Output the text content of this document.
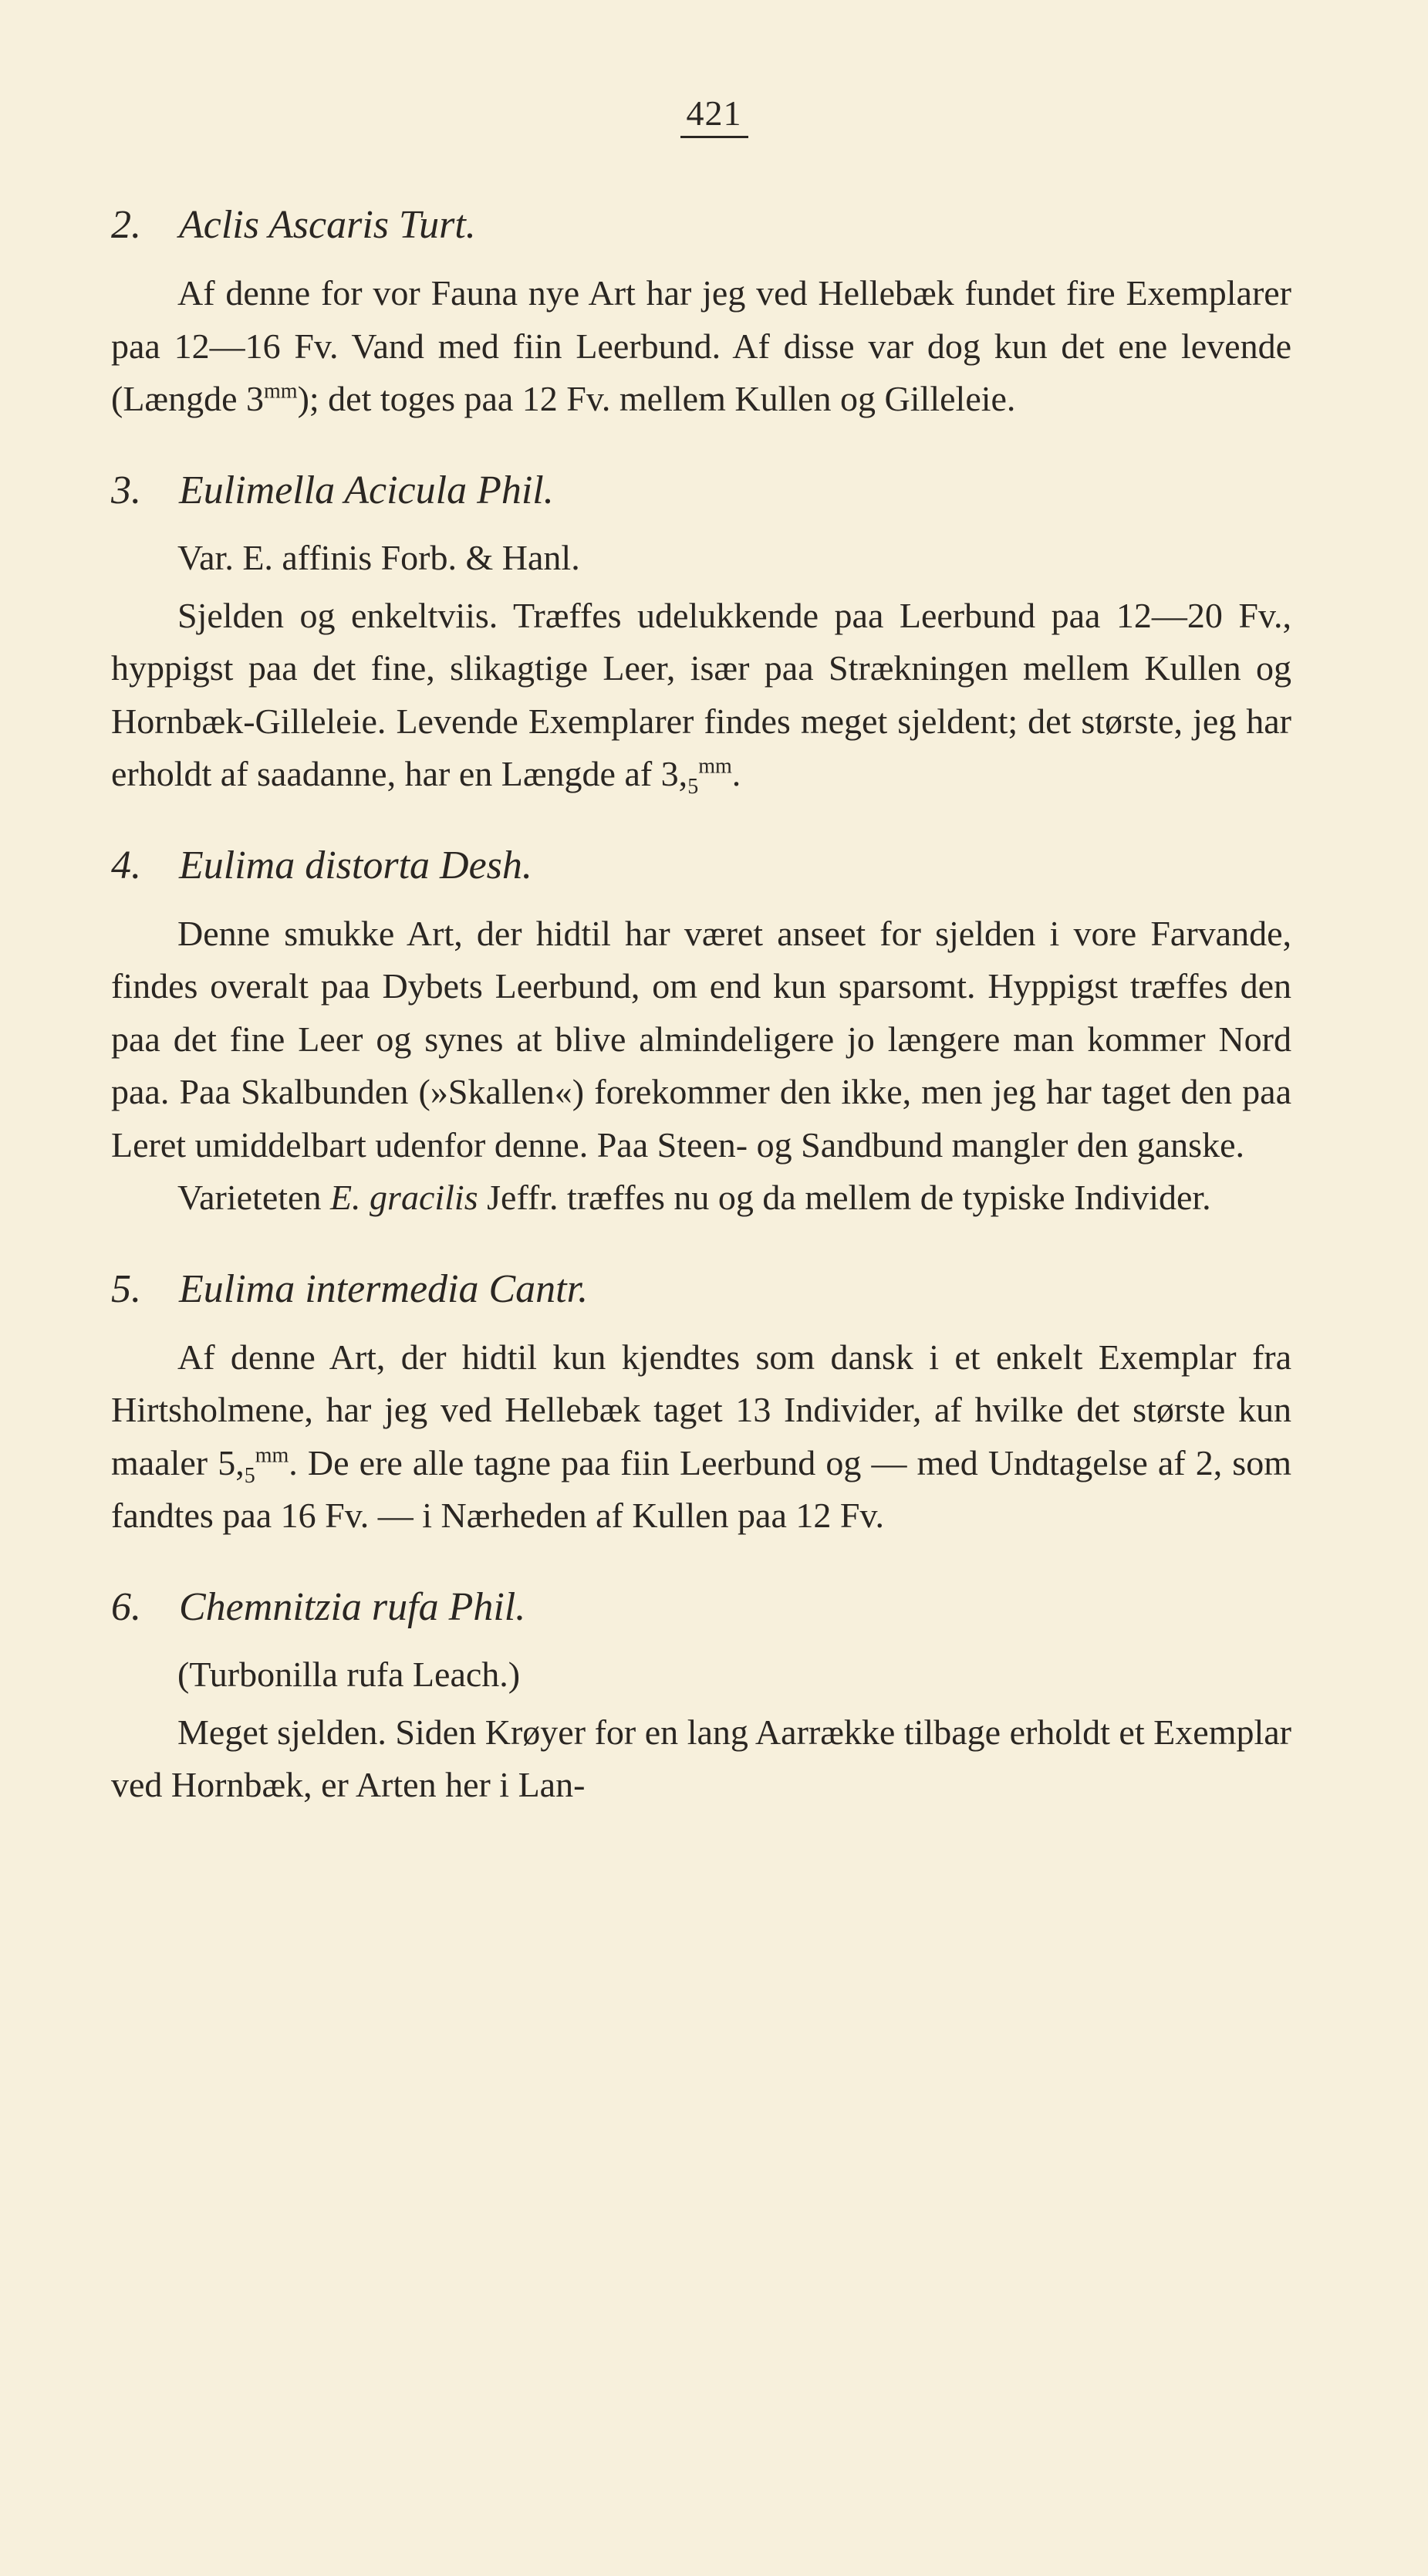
421
2. Aclis Ascaris Turt.

Af denne for vor Fauna nye Art har jeg ved Hellebæk fundet fire Exemplarer paa 12—16 Fv. Vand med fiin Leerbund. Af disse var dog kun det ene levende (Længde $3^{mm}$); det toges paa 12 Fv. mellem Kullen og Gilleleie.

3. Eulimella Acicula Phil.
Var. E. affinis Forb. & Hanl.

Sjelden og enkeltviis. Træffes udelukkende paa Leerbund paa 12—20 Fv., hyppigst paa det fine, slikagtige Leer, især paa Strækningen mellem Kullen og Hornbæk-Gilleleie. Levende Exemplarer findes meget sjeldent; det største, jeg har erholdt af saadanne, har en Længde af $3,_5^{mm}$.

4. Eulima distorta Desh.

Denne smukke Art, der hidtil har været anseet for sjelden i vore Farvande, findes overalt paa Dybets Leerbund, om end kun sparsomt. Hyppigst træffes den paa det fine Leer og synes at blive almindeligere jo længere man kommer Nord paa. Paa Skalbunden (»Skallen«) forekommer den ikke, men jeg har taget den paa Leret umiddelbart udenfor denne. Paa Steen- og Sandbund mangler den ganske.

Varieteten E. gracilis Jeffr. træffes nu og da mellem de typiske Individer.

5. Eulima intermedia Cantr.

Af denne Art, der hidtil kun kjendtes som dansk i et enkelt Exemplar fra Hirtsholmene, har jeg ved Hellebæk taget 13 Individer, af hvilke det største kun maaler $5,_5^{mm}$. De ere alle tagne paa fiin Leerbund og — med Undtagelse af 2, som fandtes paa 16 Fv. — i Nærheden af Kullen paa 12 Fv.

6. Chemnitzia rufa Phil.
(Turbonilla rufa Leach.)

Meget sjelden. Siden Krøyer for en lang Aarrække tilbage erholdt et Exemplar ved Hornbæk, er Arten her i Lan-
